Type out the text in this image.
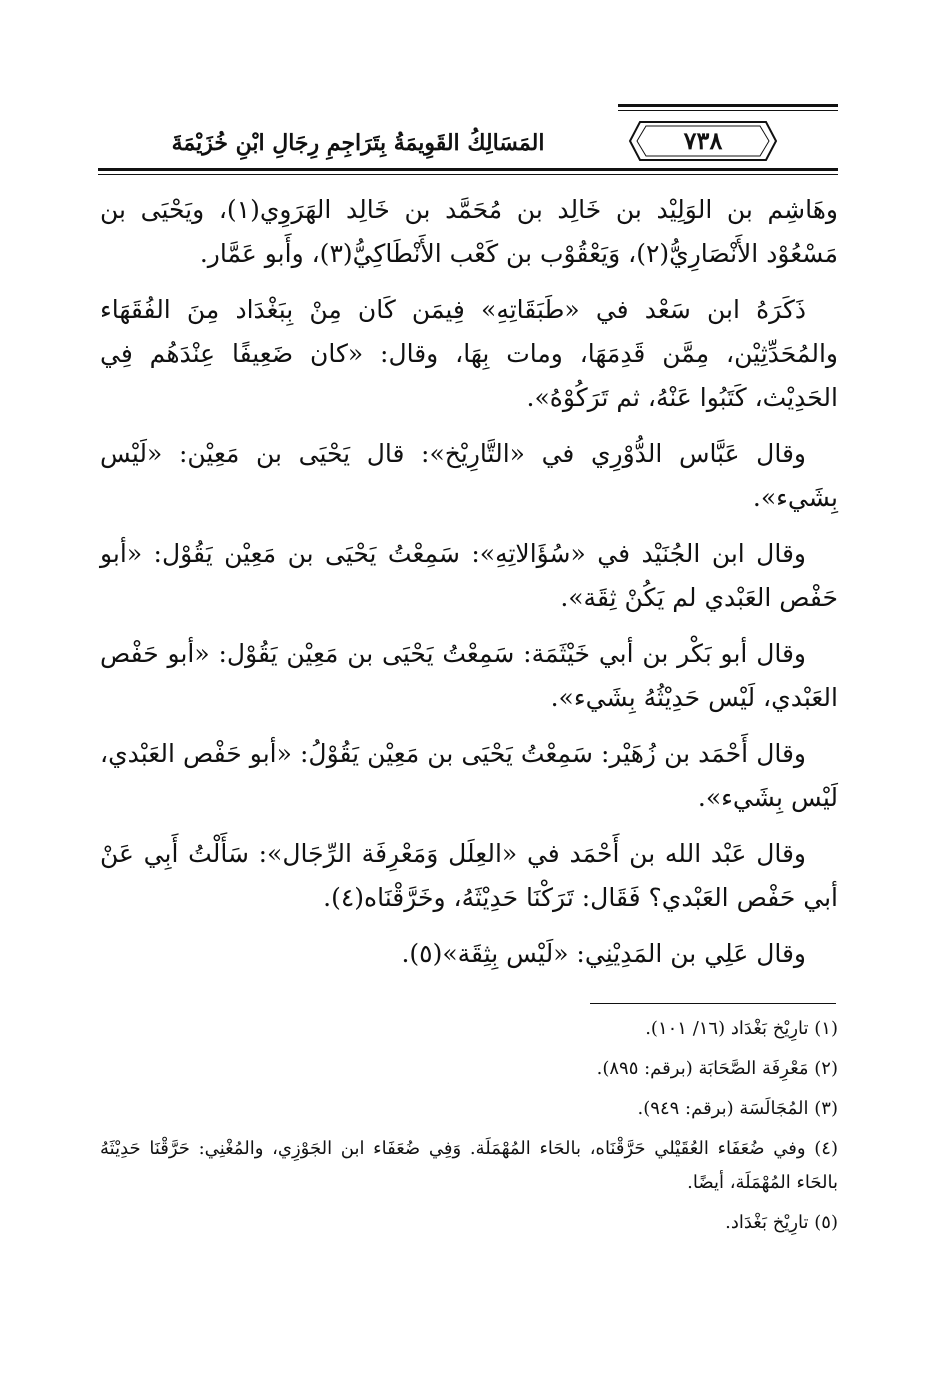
٧٣٨
المَسَالِكُ القَوِيمَةُ بِتَرَاجِمِ رِجَالِ ابْنِ خُزَيْمَةَ

وهَاشِم بن الوَلِيْد بن خَالِد بن مُحَمَّد بن خَالِد الهَرَوِي(١)، ويَحْيَى بن مَسْعُوْد الأَنْصَارِيُّ(٢)، وَيَعْقُوْب بن كَعْب الأَنْطَاكِيُّ(٣)، وأَبو عَمَّار.

ذَكَرَهُ ابن سَعْد في «طَبَقَاتِهِ» فِيمَن كَان مِنْ بِبَغْدَاد مِنَ الفُقَهَاء والمُحَدِّثِيْن، مِمَّن قَدِمَهَا، ومات بِهَا، وقال: «كان ضَعِيفًا عِنْدَهُم فِي الحَدِيْث، كَتَبُوا عَنْهُ، ثم تَرَكُوْهُ».

وقال عَبَّاس الدُّوْرِي في «التَّارِيْخ»: قال يَحْيَى بن مَعِيْن: «لَيْس بِشَيء».

وقال ابن الجُنَيْد في «سُؤَالاتِهِ»: سَمِعْتُ يَحْيَى بن مَعِيْن يَقُوْل: «أبو حَفْص العَبْدي لم يَكُنْ ثِقَة».

وقال أبو بَكْر بن أبي خَيْثَمَة: سَمِعْتُ يَحْيَى بن مَعِيْن يَقُوْل: «أبو حَفْص العَبْدي، لَيْس حَدِيْثُهُ بِشَيء».

وقال أَحْمَد بن زُهَيْر: سَمِعْتُ يَحْيَى بن مَعِيْن يَقُوْلُ: «أبو حَفْص العَبْدي، لَيْس بِشَيء».

وقال عَبْد الله بن أَحْمَد في «العِلَل وَمَعْرِفَة الرِّجَال»: سَأَلْتُ أَبِي عَنْ أبي حَفْص العَبْدي؟ فَقَال: تَرَكْنَا حَدِيْثَهُ، وخَرَّقْنَاه(٤).

وقال عَلِي بن المَدِيْنِي: «لَيْس بِثِقَة»(٥).

(١) تارِيْخ بَغْدَاد (١٦/ ١٠١).

(٢) مَعْرِفَة الصَّحَابَة (برقم: ٨٩٥).

(٣) المُجَالَسَة (برقم: ٩٤٩).

(٤) وفي ضُعَفَاء العُقَيْلي حَرَّقْنَاه، بالحَاء المُهْمَلَة. وَفِي ضُعَفَاء ابن الجَوْزِي، والمُغْنِي: حَرَّقْنَا حَدِيْثَهُ بالحَاء المُهْمَلَة، أيضًا.

(٥) تارِيْخ بَغْدَاد.
